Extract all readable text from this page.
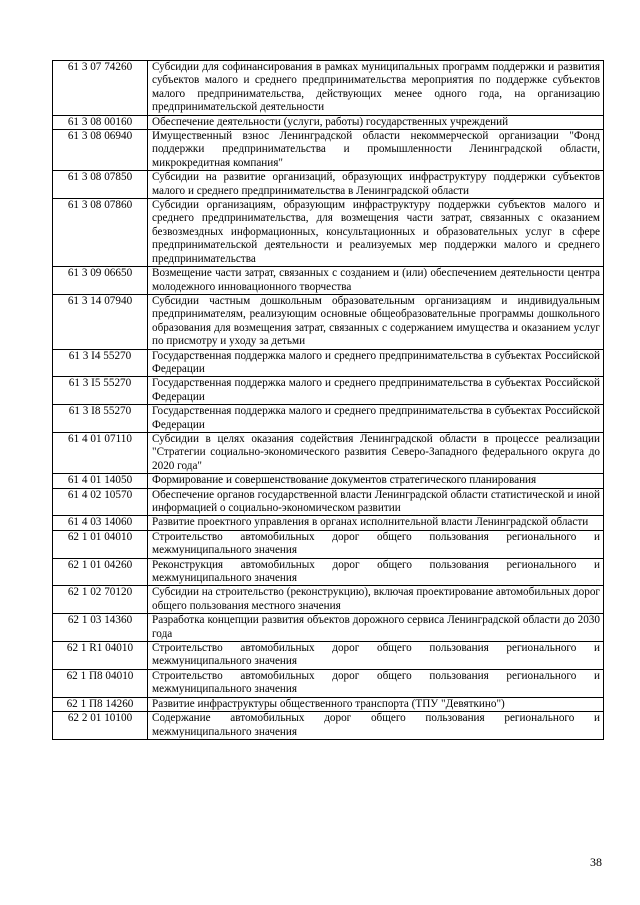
61 3 07 74260	Субсидии для софинансирования в рамках муниципальных программ поддержки и развития субъектов малого и среднего предпринимательства мероприятия по поддержке субъектов малого предпринимательства, действующих менее одного года, на организацию предпринимательской деятельности
61 3 08 00160	Обеспечение деятельности (услуги, работы) государственных учреждений
61 3 08 06940	Имущественный взнос Ленинградской области некоммерческой организации "Фонд поддержки предпринимательства и промышленности Ленинградской области, микрокредитная компания"
61 3 08 07850	Субсидии на развитие организаций, образующих инфраструктуру поддержки субъектов малого и среднего предпринимательства в Ленинградской области
61 3 08 07860	Субсидии организациям, образующим инфраструктуру поддержки субъектов малого и среднего предпринимательства, для возмещения части затрат, связанных с оказанием безвозмездных информационных, консультационных и образовательных услуг в сфере предпринимательской деятельности и реализуемых мер поддержки малого и среднего предпринимательства
61 3 09 06650	Возмещение части затрат, связанных с созданием и (или) обеспечением деятельности центра молодежного инновационного творчества
61 3 14 07940	Субсидии частным дошкольным образовательным организациям и индивидуальным предпринимателям, реализующим основные общеобразовательные программы дошкольного образования для возмещения затрат, связанных с содержанием имущества и оказанием услуг по присмотру и уходу за детьми
61 3 I4 55270	Государственная поддержка малого и среднего предпринимательства в субъектах Российской Федерации
61 3 I5 55270	Государственная поддержка малого и среднего предпринимательства в субъектах Российской Федерации
61 3 I8 55270	Государственная поддержка малого и среднего предпринимательства в субъектах Российской Федерации
61 4 01 07110	Субсидии в целях оказания содействия Ленинградской области в процессе реализации "Стратегии социально-экономического развития Северо-Западного федерального округа до 2020 года"
61 4 01 14050	Формирование и совершенствование документов стратегического планирования
61 4 02 10570	Обеспечение органов государственной власти Ленинградской области статистической и иной информацией о социально-экономическом развитии
61 4 03 14060	Развитие проектного управления в органах исполнительной власти Ленинградской области
62 1 01 04010	Строительство автомобильных дорог общего пользования регионального и межмуниципального значения
62 1 01 04260	Реконструкция автомобильных дорог общего пользования регионального и межмуниципального значения
62 1 02 70120	Субсидии на строительство (реконструкцию), включая проектирование автомобильных дорог общего пользования местного значения
62 1 03 14360	Разработка концепции развития объектов дорожного сервиса Ленинградской области до 2030 года
62 1 R1 04010	Строительство автомобильных дорог общего пользования регионального и межмуниципального значения
62 1 П8 04010	Строительство автомобильных дорог общего пользования регионального и межмуниципального значения
62 1 П8 14260	Развитие инфраструктуры общественного транспорта (ТПУ "Девяткино")
62 2 01 10100	Содержание автомобильных дорог общего пользования регионального и межмуниципального значения
38
